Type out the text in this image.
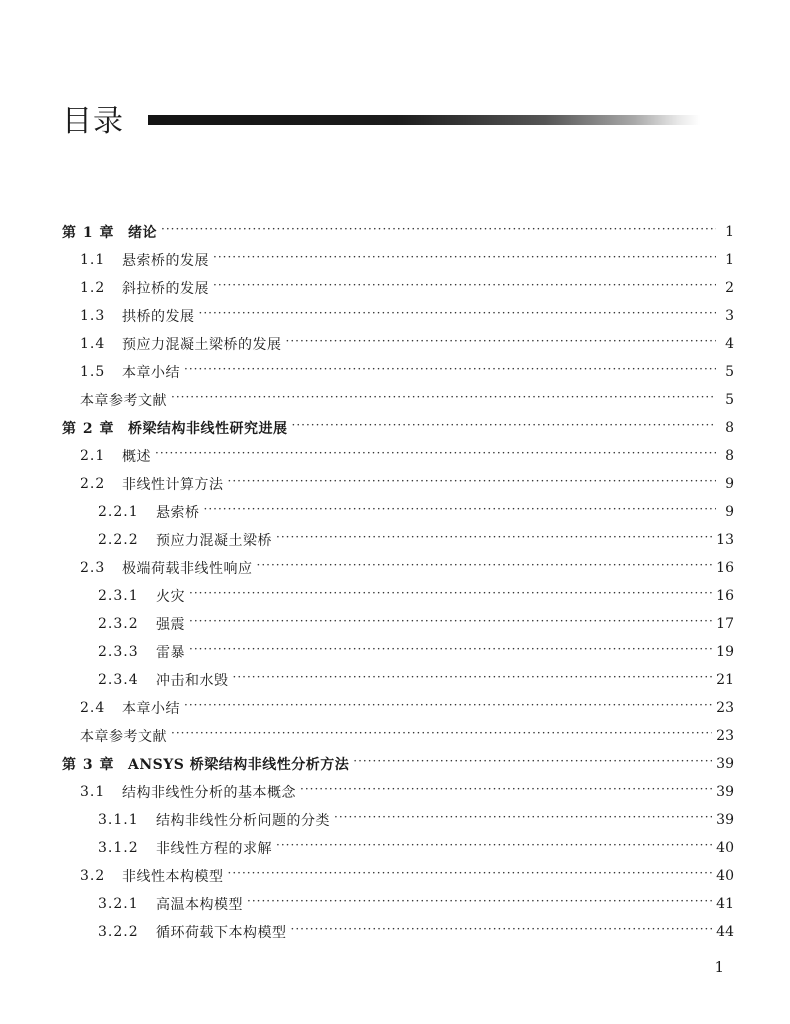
目录
第 1 章 绪论 ·····	1
1.1	悬索桥的发展 ·····	1
1.2	斜拉桥的发展 ·····	2
1.3	拱桥的发展 ·····	3
1.4	预应力混凝土梁桥的发展 ·····	4
1.5	本章小结 ·····	5
本章参考文献 ·····	5
第 2 章 桥梁结构非线性研究进展 ·····	8
2.1	概述 ·····	8
2.2	非线性计算方法 ·····	9
2.2.1	悬索桥 ·····	9
2.2.2	预应力混凝土梁桥 ·····	13
2.3	极端荷载非线性响应 ·····	16
2.3.1	火灾 ·····	16
2.3.2	强震 ·····	17
2.3.3	雷暴 ·····	19
2.3.4	冲击和水毁 ·····	21
2.4	本章小结 ·····	23
本章参考文献 ·····	23
第 3 章 ANSYS 桥梁结构非线性分析方法 ·····	39
3.1	结构非线性分析的基本概念 ·····	39
3.1.1	结构非线性分析问题的分类 ·····	39
3.1.2	非线性方程的求解 ·····	40
3.2	非线性本构模型 ·····	40
3.2.1	高温本构模型 ·····	41
3.2.2	循环荷载下本构模型 ·····	44
1
